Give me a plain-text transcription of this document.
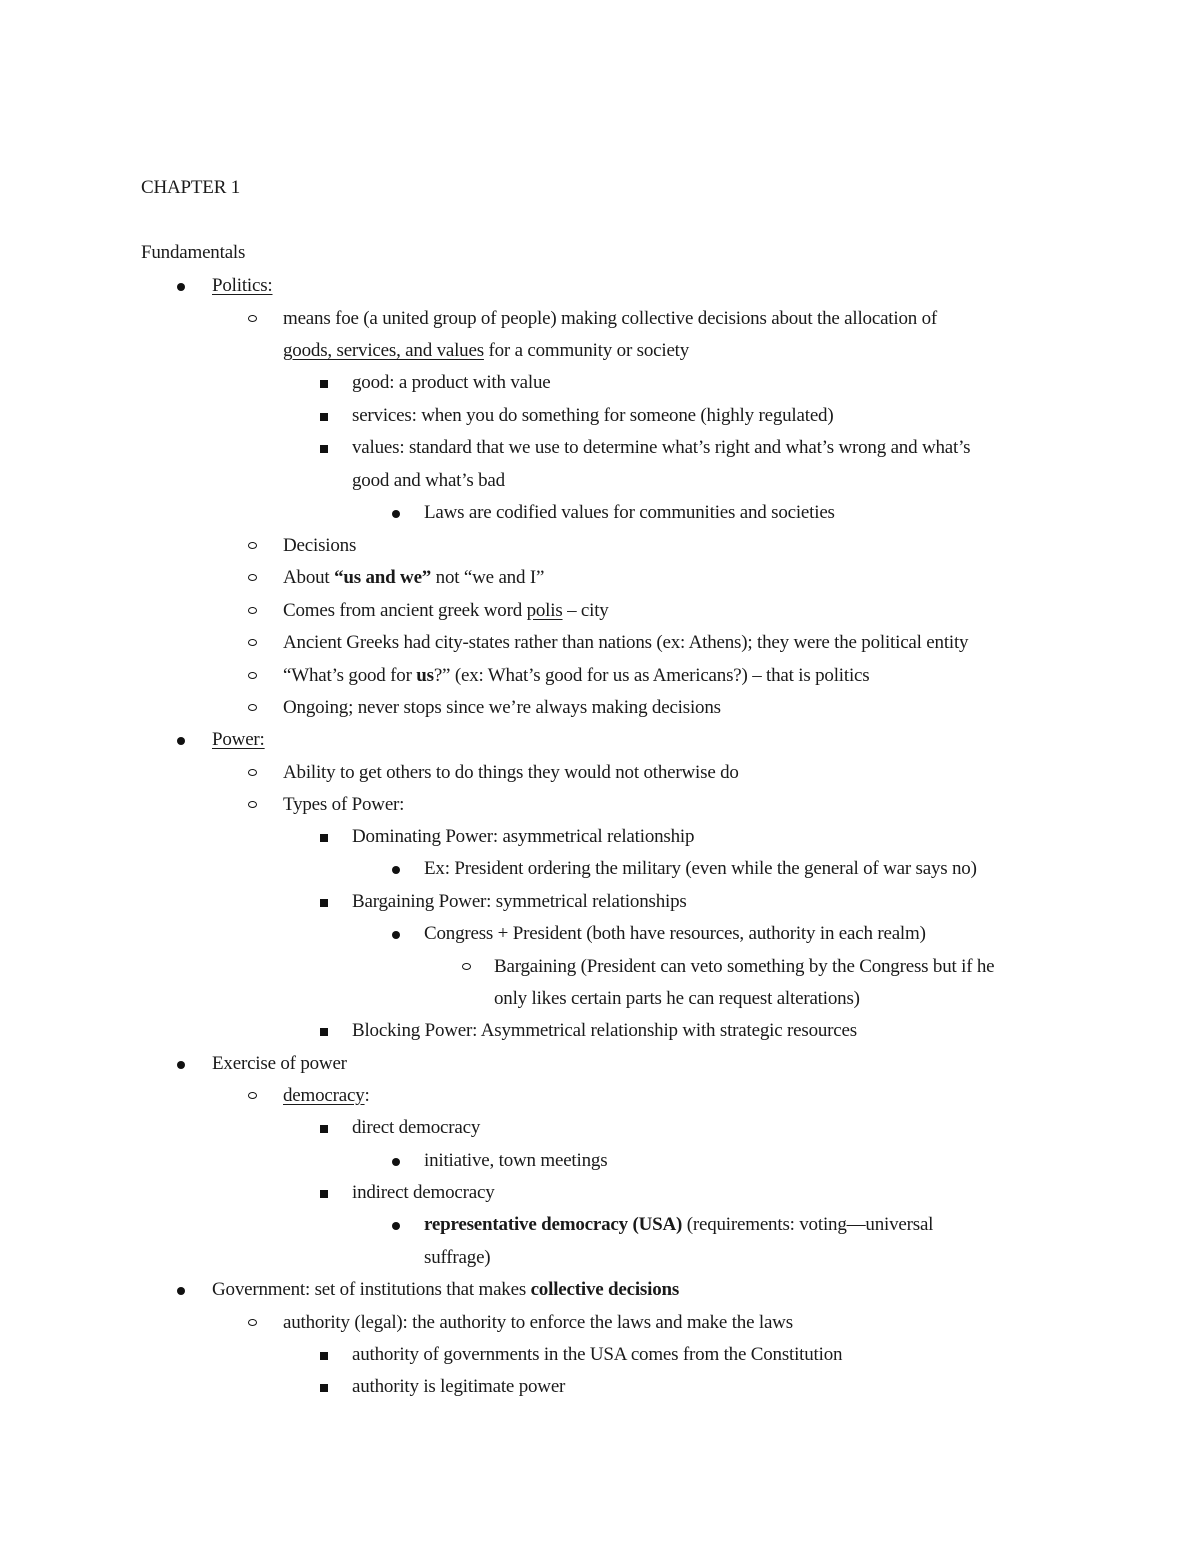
CHAPTER 1
Fundamentals
Politics:
means foe (a united group of people) making collective decisions about the allocation of
goods, services, and values for a community or society
good: a product with value
services: when you do something for someone (highly regulated)
values: standard that we use to determine what’s right and what’s wrong and what’s
good and what’s bad
Laws are codified values for communities and societies
Decisions
About “us and we” not “we and I”
Comes from ancient greek word polis – city
Ancient Greeks had city-states rather than nations (ex: Athens); they were the political entity
“What’s good for us?” (ex: What’s good for us as Americans?) – that is politics
Ongoing; never stops since we’re always making decisions
Power:
Ability to get others to do things they would not otherwise do
Types of Power:
Dominating Power: asymmetrical relationship
Ex: President ordering the military (even while the general of war says no)
Bargaining Power: symmetrical relationships
Congress + President (both have resources, authority in each realm)
Bargaining (President can veto something by the Congress but if he
only likes certain parts he can request alterations)
Blocking Power: Asymmetrical relationship with strategic resources
Exercise of power
democracy:
direct democracy
initiative, town meetings
indirect democracy
representative democracy (USA) (requirements: voting—universal
suffrage)
Government: set of institutions that makes collective decisions
authority (legal): the authority to enforce the laws and make the laws
authority of governments in the USA comes from the Constitution
authority is legitimate power
